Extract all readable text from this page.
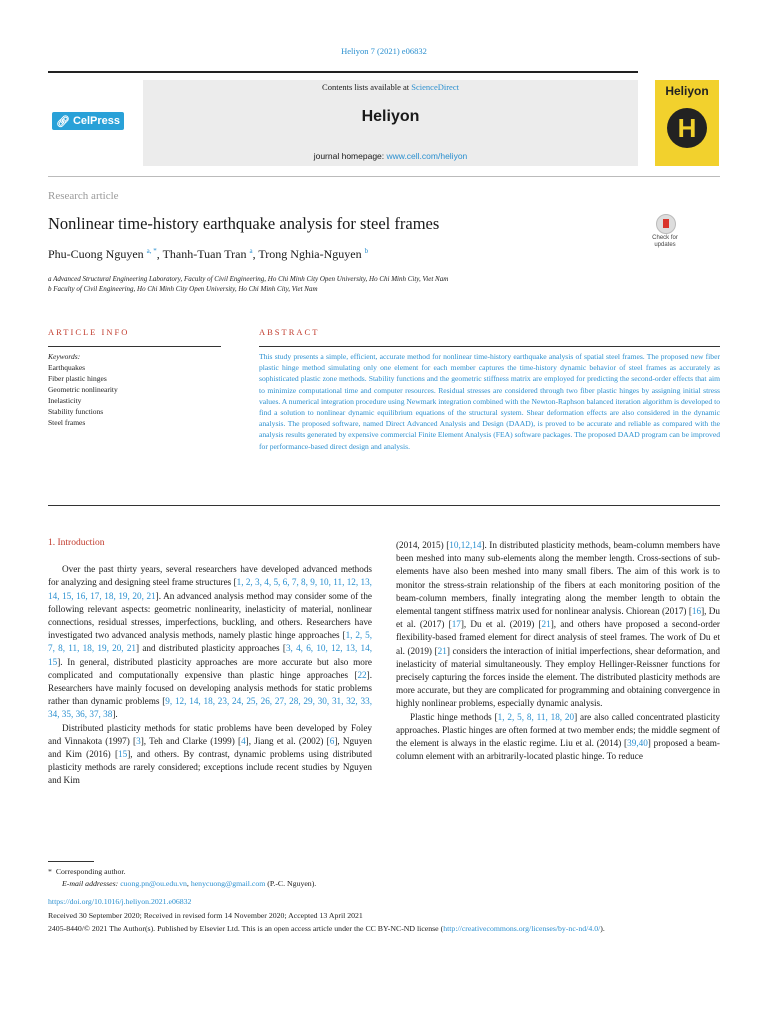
Heliyon 7 (2021) e06832
🔗︎ CelPress
Contents lists available at ScienceDirect
Heliyon
journal homepage: www.cell.com/heliyon
Heliyon
H
Research article
Nonlinear time-history earthquake analysis for steel frames
Check for updates
Phu-Cuong Nguyen $^{a, *}$, Thanh-Tuan Tran $^a$, Trong Nghia-Nguyen $^b$
a Advanced Structural Engineering Laboratory, Faculty of Civil Engineering, Ho Chi Minh City Open University, Ho Chi Minh City, Viet Nam
b Faculty of Civil Engineering, Ho Chi Minh City Open University, Ho Chi Minh City, Viet Nam
ARTICLE INFO	ABSTRACT
Keywords:
Earthquakes
Fiber plastic hinges
Geometric nonlinearity
Inelasticity
Stability functions
Steel frames
This study presents a simple, efficient, accurate method for nonlinear time-history earthquake analysis of spatial steel frames. The proposed new fiber plastic hinge method simulating only one element for each member captures the time-history dynamic behavior of steel frames as accurately as sophisticated plastic zone methods. Stability functions and the geometric stiffness matrix are employed for predicting the second-order effects that aim to minimize computational time and computer resources. Residual stresses are considered through two fiber plastic hinges by assigning initial stress values. A numerical integration procedure using Newmark integration combined with the Newton-Raphson balanced iteration algorithm is developed to find a solution to nonlinear dynamic equilibrium equations of the structural system. Shear deformation effects are also considered in the dynamic analysis. The proposed software, named Direct Advanced Analysis and Design (DAAD), is proved to be accurate and reliable as compared with the analysis results generated by expensive commercial Finite Element Analysis (FEA) software packages. The proposed DAAD program can be improved for performance-based direct design and analysis.
1. Introduction

Over the past thirty years, several researchers have developed advanced methods for analyzing and designing steel frame structures [1, 2, 3, 4, 5, 6, 7, 8, 9, 10, 11, 12, 13, 14, 15, 16, 17, 18, 19, 20, 21]. An advanced analysis method may consider some of the following relevant aspects: geometric nonlinearity, inelasticity of material, nonlinear connections, residual stresses, imperfections, buckling, and others. Researchers have investigated two advanced analysis methods, namely plastic hinge approaches [1, 2, 5, 7, 8, 11, 18, 19, 20, 21] and distributed plasticity approaches [3, 4, 6, 10, 12, 13, 14, 15]. In general, distributed plasticity approaches are more accurate but also more complicated and computationally expensive than plastic hinge approaches [22]. Researchers have mainly focused on developing analysis methods for static problems rather than dynamic problems [9, 12, 14, 18, 23, 24, 25, 26, 27, 28, 29, 30, 31, 32, 33, 34, 35, 36, 37, 38].

Distributed plasticity methods for static problems have been developed by Foley and Vinnakota (1997) [3], Teh and Clarke (1999) [4], Jiang et al. (2002) [6], Nguyen and Kim (2016) [15], and others. By contrast, dynamic problems using distributed plasticity methods are rarely considered; exceptions include recent studies by Nguyen and Kim

(2014, 2015) [10,12,14]. In distributed plasticity methods, beam-column members have been meshed into many sub-elements along the member length. Cross-sections of sub-elements have also been meshed into many small fibers. The aim of this work is to monitor the stress-strain relationship of the fibers at each monitoring position of the beam-column members, finally integrating along the member length to obtain the elemental tangent stiffness matrix used for nonlinear analysis. Chiorean (2017) [16], Du et al. (2017) [17], Du et al. (2019) [21], and others have proposed a second-order flexibility-based framed element for direct analysis of steel frames. The work of Du et al. (2019) [21] considers the interaction of initial imperfections, shear deformation, and inelasticity of material simultaneously. They employ Hellinger-Reissner functions for precisely capturing the forces inside the element. The distributed plasticity methods are more accurate, but they are complicated for programming and obtaining convergence in highly nonlinear problems, especially dynamic analysis.

Plastic hinge methods [1, 2, 5, 8, 11, 18, 20] are also called concentrated plasticity approaches. Plastic hinges are often formed at two member ends; the middle segment of the element is always in the elastic regime. Liu et al. (2014) [39,40] proposed a beam-column element with an arbitrarily-located plastic hinge. To reduce

* Corresponding author.
E-mail addresses: cuong.pn@ou.edu.vn, henycuong@gmail.com (P.-C. Nguyen).
https://doi.org/10.1016/j.heliyon.2021.e06832
Received 30 September 2020; Received in revised form 14 November 2020; Accepted 13 April 2021
2405-8440/© 2021 The Author(s). Published by Elsevier Ltd. This is an open access article under the CC BY-NC-ND license (http://creativecommons.org/licenses/by-nc-nd/4.0/).
